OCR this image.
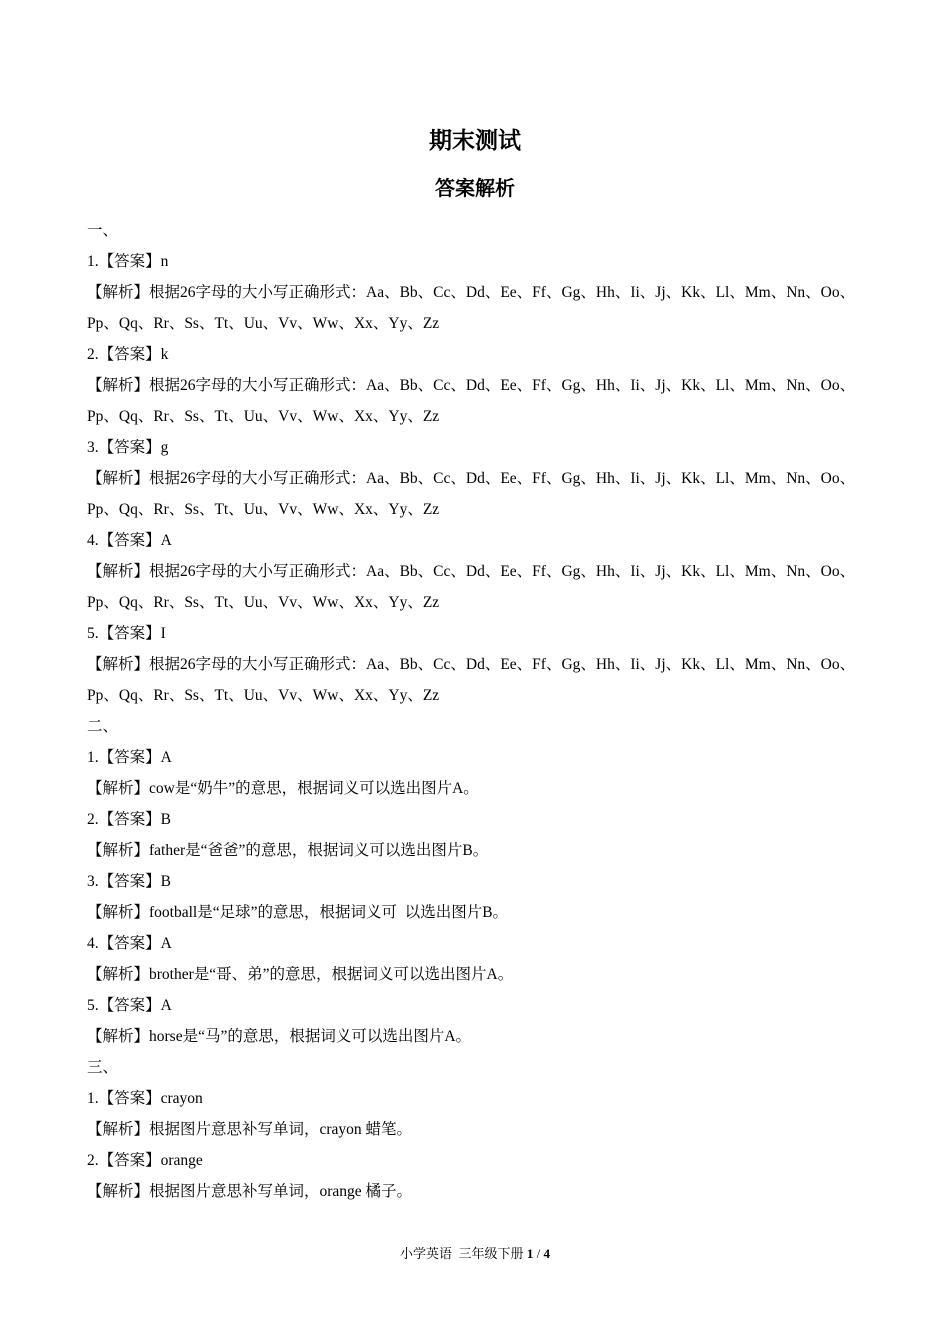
期末测试
答案解析
一、
1.【答案】n
【解析】根据26字母的大小写正确形式：Aa、Bb、Cc、Dd、Ee、Ff、Gg、Hh、Ii、Jj、Kk、Ll、Mm、Nn、Oo、Pp、Qq、Rr、Ss、Tt、Uu、Vv、Ww、Xx、Yy、Zz
2.【答案】k
【解析】根据26字母的大小写正确形式：Aa、Bb、Cc、Dd、Ee、Ff、Gg、Hh、Ii、Jj、Kk、Ll、Mm、Nn、Oo、Pp、Qq、Rr、Ss、Tt、Uu、Vv、Ww、Xx、Yy、Zz
3.【答案】g
【解析】根据26字母的大小写正确形式：Aa、Bb、Cc、Dd、Ee、Ff、Gg、Hh、Ii、Jj、Kk、Ll、Mm、Nn、Oo、Pp、Qq、Rr、Ss、Tt、Uu、Vv、Ww、Xx、Yy、Zz
4.【答案】A
【解析】根据26字母的大小写正确形式：Aa、Bb、Cc、Dd、Ee、Ff、Gg、Hh、Ii、Jj、Kk、Ll、Mm、Nn、Oo、Pp、Qq、Rr、Ss、Tt、Uu、Vv、Ww、Xx、Yy、Zz
5.【答案】I
【解析】根据26字母的大小写正确形式：Aa、Bb、Cc、Dd、Ee、Ff、Gg、Hh、Ii、Jj、Kk、Ll、Mm、Nn、Oo、Pp、Qq、Rr、Ss、Tt、Uu、Vv、Ww、Xx、Yy、Zz
二、
1.【答案】A
【解析】cow是“奶牛”的意思，根据词义可以选出图片A。
2.【答案】B
【解析】father是“爸爸”的意思，根据词义可以选出图片B。
3.【答案】B
【解析】football是“足球”的意思，根据词义可  以选出图片B。
4.【答案】A
【解析】brother是“哥、弟”的意思，根据词义可以选出图片A。
5.【答案】A
【解析】horse是“马”的意思，根据词义可以选出图片A。
三、
1.【答案】crayon
【解析】根据图片意思补写单词，crayon 蜡笔。
2.【答案】orange
【解析】根据图片意思补写单词，orange 橘子。
小学英语  三年级下册 1 / 4
